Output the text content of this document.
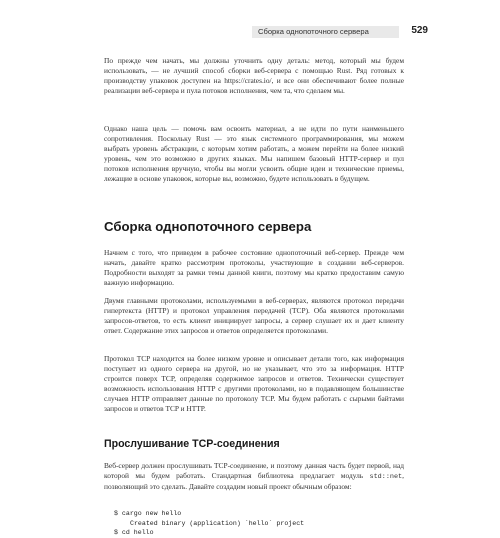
Сборка однопоточного сервера	529

По прежде чем начать, мы должны уточнить одну деталь: метод, который мы будем использовать, — не лучший способ сборки веб-сервера с помощью Rust. Ряд готовых к производству упаковок доступен на https://crates.io/, и все они обеспечивают более полные реализации веб-сервера и пула потоков исполнения, чем та, что сделаем мы.

Однако наша цель — помочь вам освоить материал, а не идти по пути наименьшего сопротивления. Поскольку Rust — это язык системного программирования, мы можем выбрать уровень абстракции, с которым хотим работать, а можем перейти на более низкий уровень, чем это возможно в других языках. Мы напишем базовый HTTP-сервер и пул потоков исполнения вручную, чтобы вы могли усвоить общие идеи и технические приемы, лежащие в основе упаковок, которые вы, возможно, будете использовать в будущем.

Сборка однопоточного сервера

Начнем с того, что приведем в рабочее состояние однопоточный веб-сервер. Прежде чем начать, давайте кратко рассмотрим протоколы, участвующие в создании веб-серверов. Подробности выходят за рамки темы данной книги, поэтому мы кратко предоставим самую важную информацию.

Двумя главными протоколами, используемыми в веб-серверах, являются протокол передачи гипертекста (HTTP) и протокол управления передачей (TCP). Оба являются протоколами запросов-ответов, то есть клиент инициирует запросы, а сервер слушает их и дает клиенту ответ. Содержание этих запросов и ответов определяется протоколами.

Протокол TCP находится на более низком уровне и описывает детали того, как информация поступает из одного сервера на другой, но не указывает, что это за информация. HTTP строится поверх TCP, определяя содержимое запросов и ответов. Технически существует возможность использования HTTP с другими протоколами, но в подавляющем большинстве случаев HTTP отправляет данные по протоколу TCP. Мы будем работать с сырыми байтами запросов и ответов TCP и HTTP.

Прослушивание TCP-соединения

Веб-сервер должен прослушивать TCP-соединение, и поэтому данная часть будет первой, над которой мы будем работать. Стандартная библиотека предлагает модуль std::net, позволяющий это сделать. Давайте создадим новый проект обычным образом:

$ cargo new hello
Created binary (application) `hello` project
$ cd hello
